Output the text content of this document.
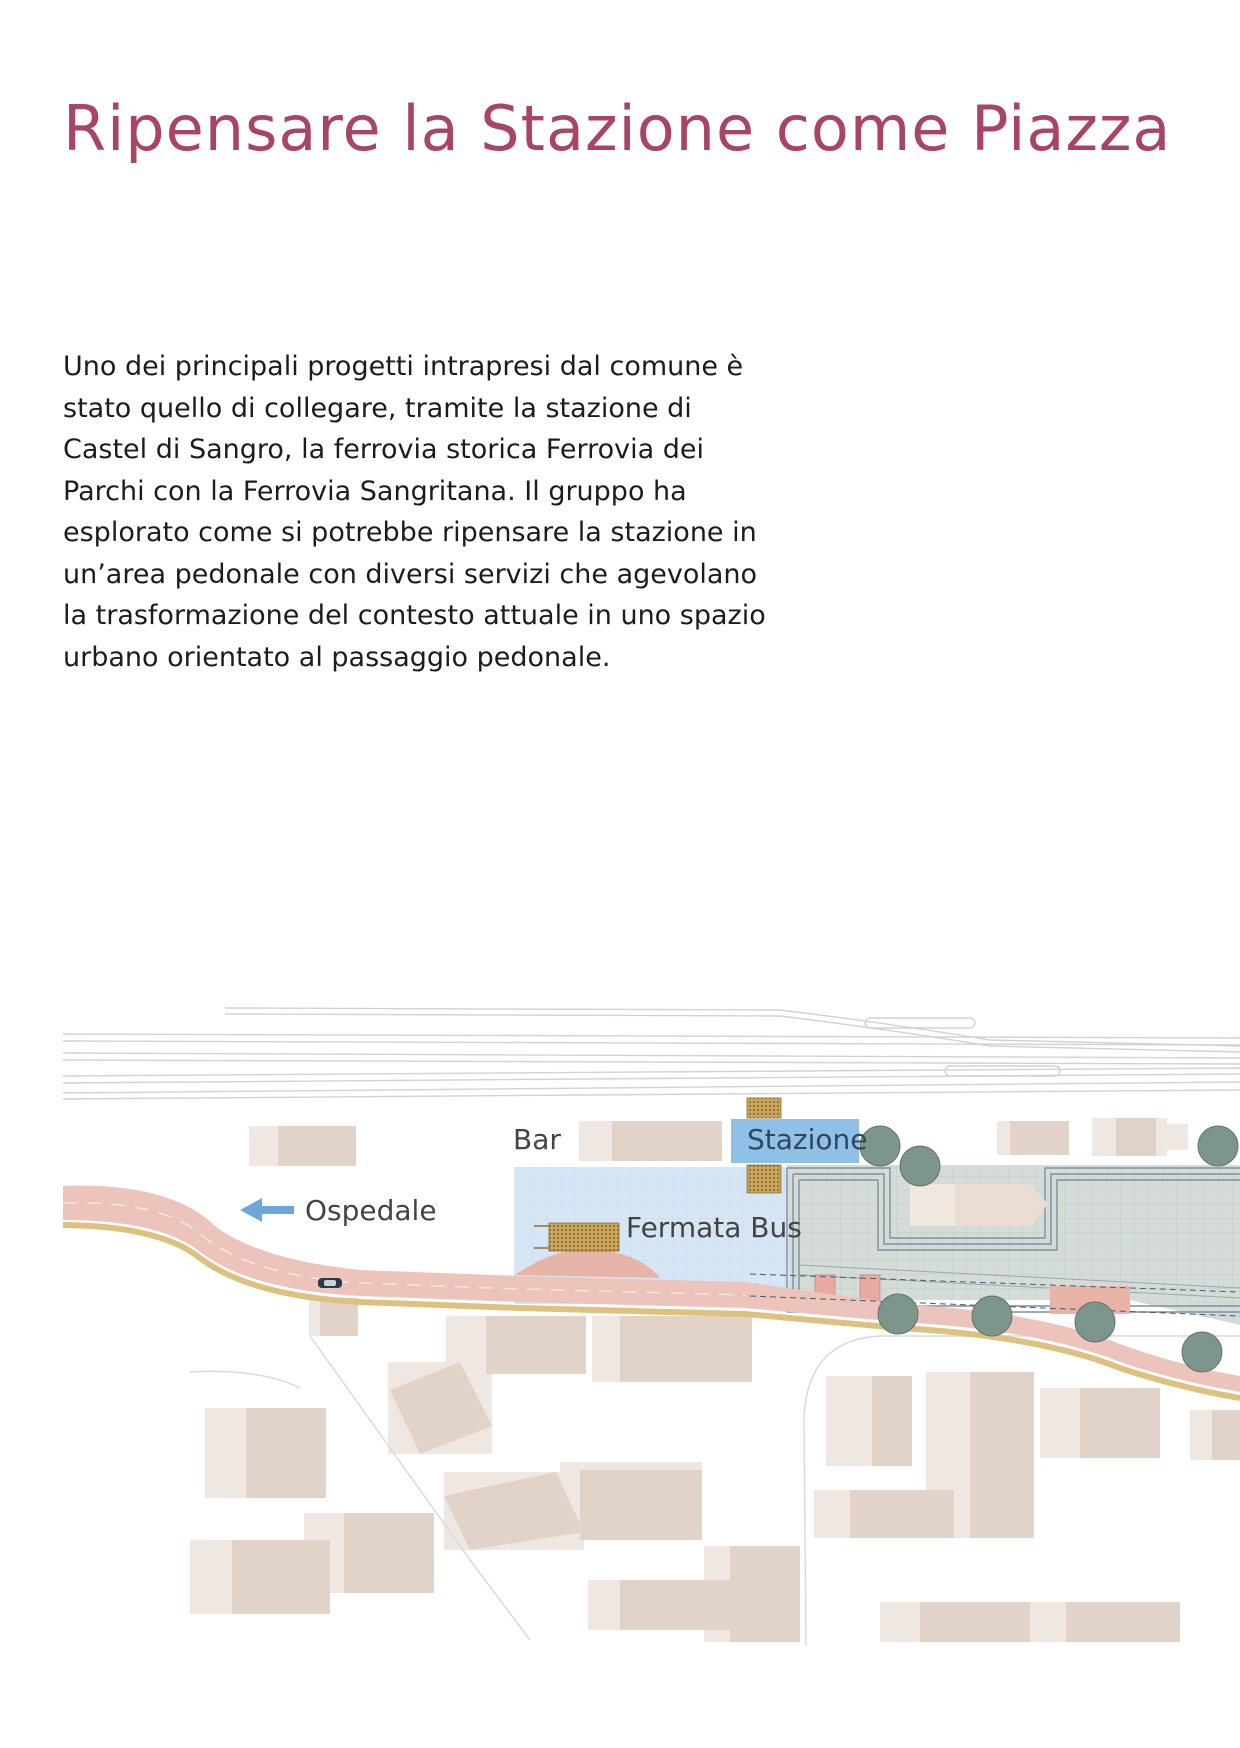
Ripensare la Stazione come Piazza

Uno dei principali progetti intrapresi dal comune è stato quello di collegare, tramite la stazione di Castel di Sangro, la ferrovia storica Ferrovia dei Parchi con la Ferrovia Sangritana. Il gruppo ha esplorato come si potrebbe ripensare la stazione in un’area pedonale con diversi servizi che agevolano la trasformazione del contesto attuale in uno spazio urbano orientato al passaggio pedonale.

Bar	Stazione
Ospedale
Fermata Bus
